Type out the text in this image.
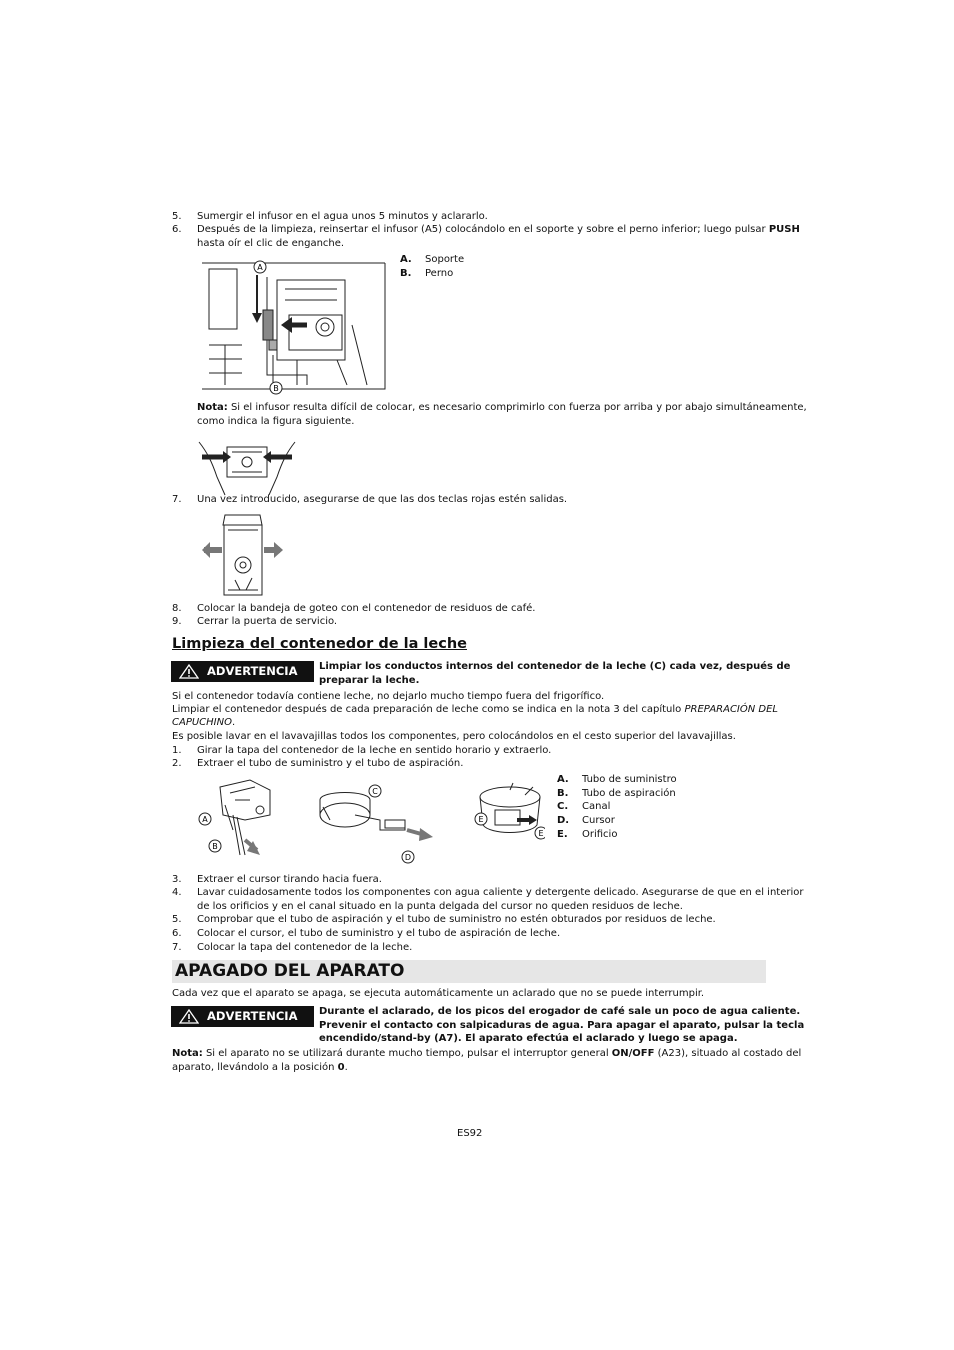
5. Sumergir el infusor en el agua unos 5 minutos y aclararlo.
6. Después de la limpieza, reinsertar el infusor (A5) colocándolo en el soporte y sobre el perno inferior; luego pulsar PUSH
hasta oír el clic de enganche.
A
B
A. Soporte
B. Perno
Nota: Si el infusor resulta difícil de colocar, es necesario comprimirlo con fuerza por arriba y por abajo simultáneamente,
como indica la figura siguiente.
7. Una vez introducido, asegurarse de que las dos teclas rojas estén salidas.
8. Colocar la bandeja de goteo con el contenedor de residuos de café.
9. Cerrar la puerta de servicio.
Limpieza del contenedor de la leche
ADVERTENCIA Limpiar los conductos internos del contenedor de la leche (C) cada vez, después de
preparar la leche.
Si el contenedor todavía contiene leche, no dejarlo mucho tiempo fuera del frigorífico.
Limpiar el contenedor después de cada preparación de leche como se indica en la nota 3 del capítulo PREPARACIÓN DEL
CAPUCHINO.
Es posible lavar en el lavavajillas todos los componentes, pero colocándolos en el cesto superior del lavavajillas.
1. Girar la tapa del contenedor de la leche en sentido horario y extraerlo.
2. Extraer el tubo de suministro y el tubo de aspiración.
A
B
C
D
E
E
A. Tubo de suministro
B. Tubo de aspiración
C. Canal
D. Cursor
E. Orificio
3. Extraer el cursor tirando hacia fuera.
4. Lavar cuidadosamente todos los componentes con agua caliente y detergente delicado. Asegurarse de que en el interior
de los orificios y en el canal situado en la punta delgada del cursor no queden residuos de leche.
5. Comprobar que el tubo de aspiración y el tubo de suministro no estén obturados por residuos de leche.
6. Colocar el cursor, el tubo de suministro y el tubo de aspiración de leche.
7. Colocar la tapa del contenedor de la leche.
APAGADO DEL APARATO
Cada vez que el aparato se apaga, se ejecuta automáticamente un aclarado que no se puede interrumpir.
ADVERTENCIA Durante el aclarado, de los picos del erogador de café sale un poco de agua caliente.
Prevenir el contacto con salpicaduras de agua. Para apagar el aparato, pulsar la tecla
encendido/stand-by (A7). El aparato efectúa el aclarado y luego se apaga.
Nota: Si el aparato no se utilizará durante mucho tiempo, pulsar el interruptor general ON/OFF (A23), situado al costado del
aparato, llevándolo a la posición 0.
ES92
